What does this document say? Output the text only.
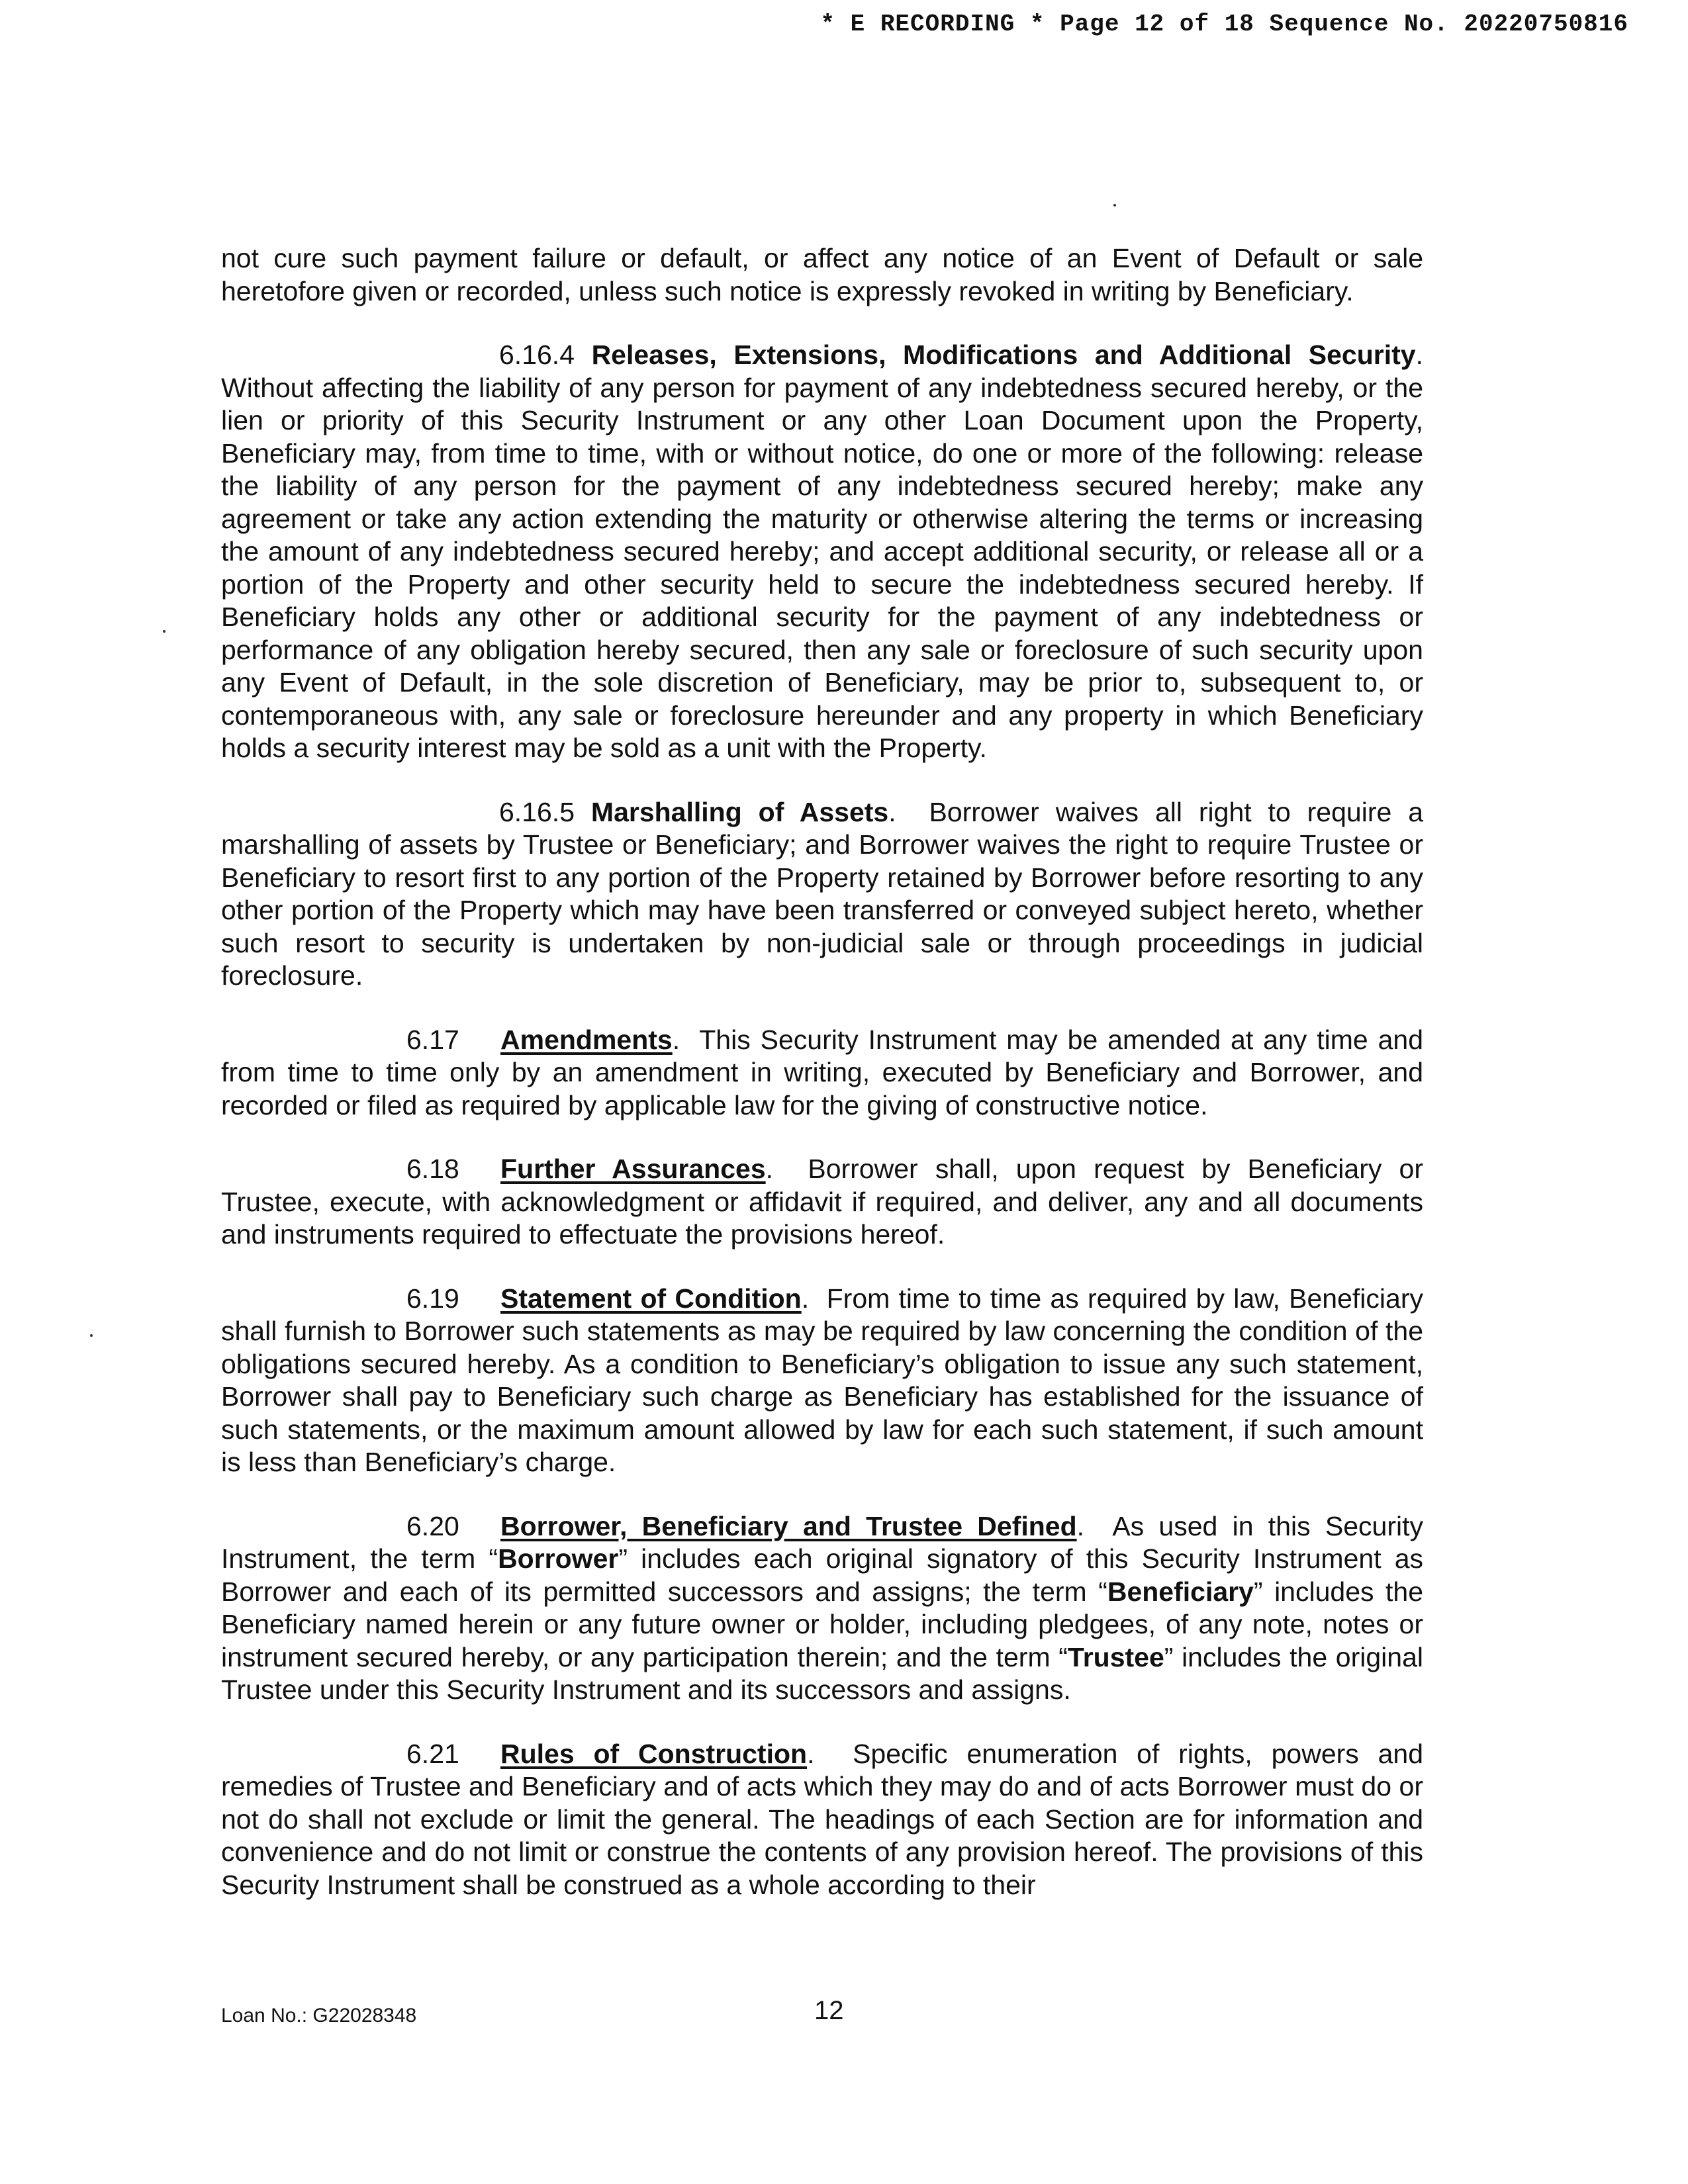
* E RECORDING * Page 12 of 18 Sequence No. 20220750816

not cure such payment failure or default, or affect any notice of an Event of Default or sale heretofore given or recorded, unless such notice is expressly revoked in writing by Beneficiary.

6.16.4 Releases, Extensions, Modifications and Additional Security. Without affecting the liability of any person for payment of any indebtedness secured hereby, or the lien or priority of this Security Instrument or any other Loan Document upon the Property, Beneficiary may, from time to time, with or without notice, do one or more of the following: release the liability of any person for the payment of any indebtedness secured hereby; make any agreement or take any action extending the maturity or otherwise altering the terms or increasing the amount of any indebtedness secured hereby; and accept additional security, or release all or a portion of the Property and other security held to secure the indebtedness secured hereby. If Beneficiary holds any other or additional security for the payment of any indebtedness or performance of any obligation hereby secured, then any sale or foreclosure of such security upon any Event of Default, in the sole discretion of Beneficiary, may be prior to, subsequent to, or contemporaneous with, any sale or foreclosure hereunder and any property in which Beneficiary holds a security interest may be sold as a unit with the Property.

6.16.5 Marshalling of Assets.  Borrower waives all right to require a marshalling of assets by Trustee or Beneficiary; and Borrower waives the right to require Trustee or Beneficiary to resort first to any portion of the Property retained by Borrower before resorting to any other portion of the Property which may have been transferred or conveyed subject hereto, whether such resort to security is undertaken by non-judicial sale or through proceedings in judicial foreclosure.

6.17 Amendments.  This Security Instrument may be amended at any time and from time to time only by an amendment in writing, executed by Beneficiary and Borrower, and recorded or filed as required by applicable law for the giving of constructive notice.

6.18 Further Assurances.  Borrower shall, upon request by Beneficiary or Trustee, execute, with acknowledgment or affidavit if required, and deliver, any and all documents and instruments required to effectuate the provisions hereof.

6.19 Statement of Condition.  From time to time as required by law, Beneficiary shall furnish to Borrower such statements as may be required by law concerning the condition of the obligations secured hereby. As a condition to Beneficiary’s obligation to issue any such statement, Borrower shall pay to Beneficiary such charge as Beneficiary has established for the issuance of such statements, or the maximum amount allowed by law for each such statement, if such amount is less than Beneficiary’s charge.

6.20 Borrower, Beneficiary and Trustee Defined.  As used in this Security Instrument, the term “Borrower” includes each original signatory of this Security Instrument as Borrower and each of its permitted successors and assigns; the term “Beneficiary” includes the Beneficiary named herein or any future owner or holder, including pledgees, of any note, notes or instrument secured hereby, or any participation therein; and the term “Trustee” includes the original Trustee under this Security Instrument and its successors and assigns.

6.21 Rules of Construction.  Specific enumeration of rights, powers and remedies of Trustee and Beneficiary and of acts which they may do and of acts Borrower must do or not do shall not exclude or limit the general. The headings of each Section are for information and convenience and do not limit or construe the contents of any provision hereof. The provisions of this Security Instrument shall be construed as a whole according to their

Loan No.: G22028348	12
